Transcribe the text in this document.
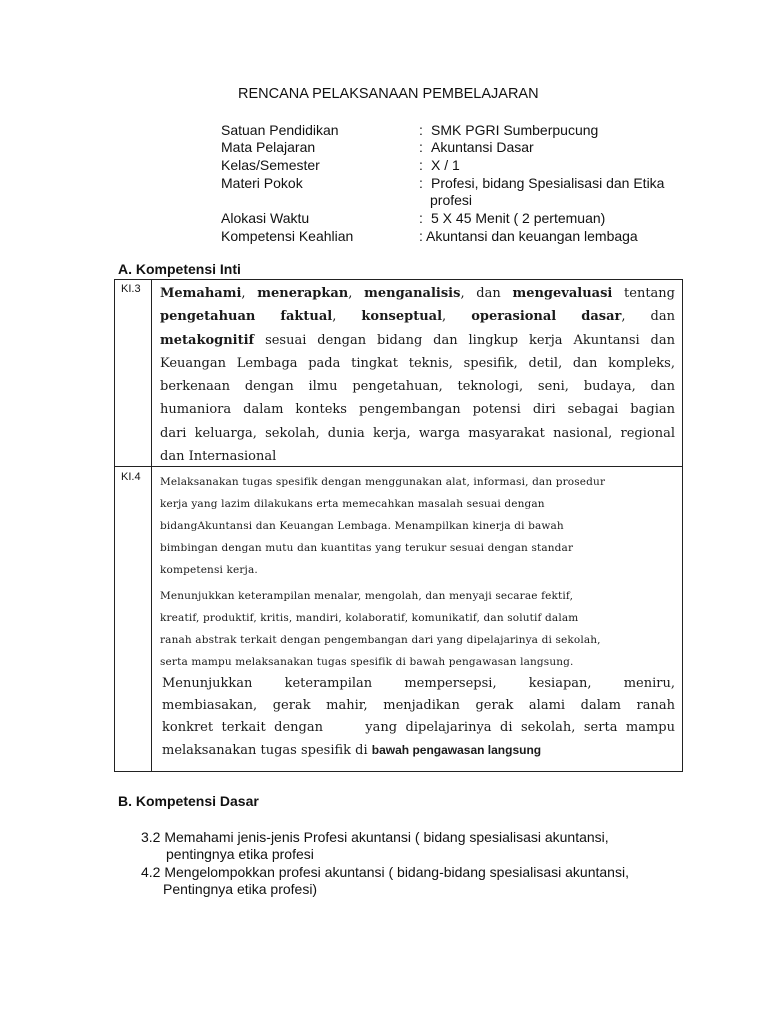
RENCANA PELAKSANAAN PEMBELAJARAN
Satuan Pendidikan	: SMK PGRI Sumberpucung
Mata Pelajaran	: Akuntansi Dasar
Kelas/Semester	: X / 1
Materi Pokok	: Profesi, bidang Spesialisasi dan Etika
profesi
Alokasi Waktu	: 5 X 45 Menit ( 2 pertemuan)
Kompetensi Keahlian	: Akuntansi dan keuangan lembaga
A. Kompetensi Inti
KI.3 Memahami, menerapkan, menganalisis, dan mengevaluasi tentang
pengetahuan faktual, konseptual, operasional dasar, dan
metakognitif sesuai dengan bidang dan lingkup kerja Akuntansi dan
Keuangan Lembaga pada tingkat teknis, spesifik, detil, dan kompleks,
berkenaan dengan ilmu pengetahuan, teknologi, seni, budaya, dan
humaniora dalam konteks pengembangan potensi diri sebagai bagian
dari keluarga, sekolah, dunia kerja, warga masyarakat nasional, regional
dan Internasional
KI.4 Melaksanakan tugas spesifik dengan menggunakan alat, informasi, dan prosedur
kerja yang lazim dilakukans erta memecahkan masalah sesuai dengan
bidangAkuntansi dan Keuangan Lembaga. Menampilkan kinerja di bawah
bimbingan dengan mutu dan kuantitas yang terukur sesuai dengan standar
kompetensi kerja.
Menunjukkan keterampilan menalar, mengolah, dan menyaji secarae fektif,
kreatif, produktif, kritis, mandiri, kolaboratif, komunikatif, dan solutif dalam
ranah abstrak terkait dengan pengembangan dari yang dipelajarinya di sekolah,
serta mampu melaksanakan tugas spesifik di bawah pengawasan langsung.
Menunjukkan      keterampilan      mempersepsi,      kesiapan,      meniru,
membiasakan, gerak mahir, menjadikan gerak alami dalam ranah
konkret terkait dengan     yang dipelajarinya di sekolah, serta mampu
melaksanakan tugas spesifik di bawah pengawasan langsung
B. Kompetensi Dasar
3.2 Memahami jenis-jenis Profesi akuntansi ( bidang spesialisasi akuntansi,
pentingnya etika profesi
4.2 Mengelompokkan profesi akuntansi ( bidang-bidang spesialisasi akuntansi,
Pentingnya etika profesi)
